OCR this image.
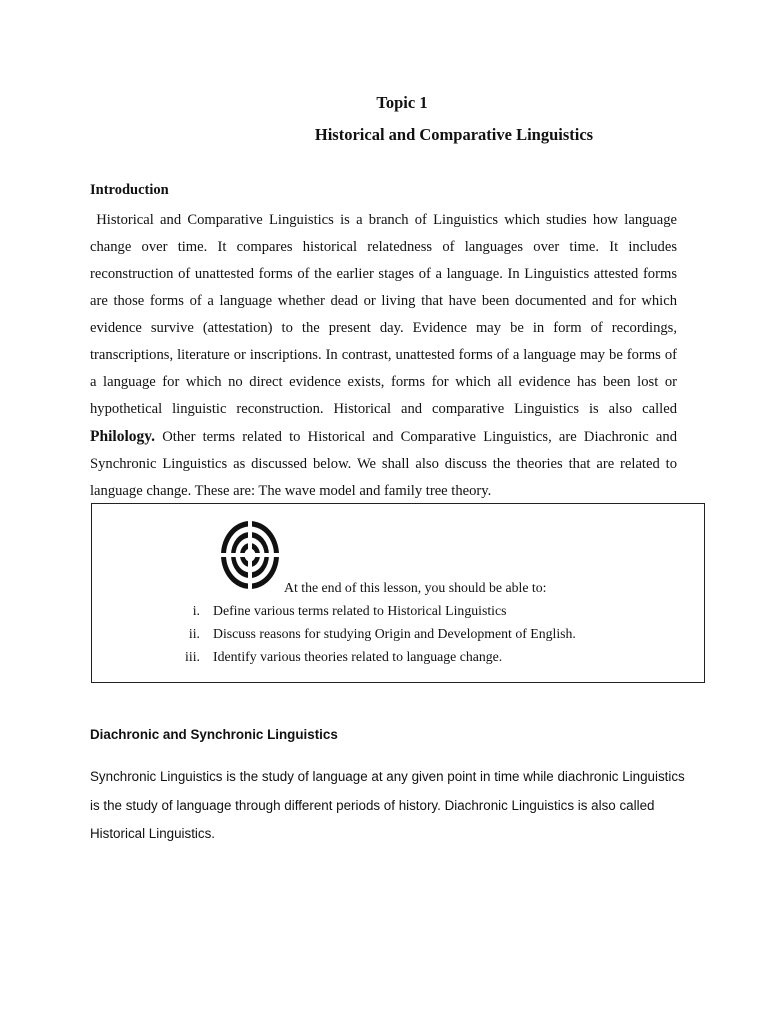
Topic 1
Historical and Comparative Linguistics
Introduction

Historical and Comparative Linguistics is a branch of Linguistics which studies how language change over time. It compares historical relatedness of languages over time. It includes reconstruction of unattested forms of the earlier stages of a language. In Linguistics attested forms are those forms of a language whether dead or living that have been documented and for which evidence survive (attestation) to the present day. Evidence may be in form of recordings, transcriptions, literature or inscriptions. In contrast, unattested forms of a language may be forms of a language for which no direct evidence exists, forms for which all evidence has been lost or hypothetical linguistic reconstruction. Historical and comparative Linguistics is also called Philology. Other terms related to Historical and Comparative Linguistics, are Diachronic and Synchronic Linguistics as discussed below. We shall also discuss the theories that are related to language change. These are: The wave model and family tree theory.

At the end of this lesson, you should be able to:
i. Define various terms related to Historical Linguistics
ii. Discuss reasons for studying Origin and Development of English.
iii. Identify various theories related to language change.
Diachronic and Synchronic Linguistics

Synchronic Linguistics is the study of language at any given point in time while diachronic Linguistics is the study of language through different periods of history. Diachronic Linguistics is also called Historical Linguistics.
